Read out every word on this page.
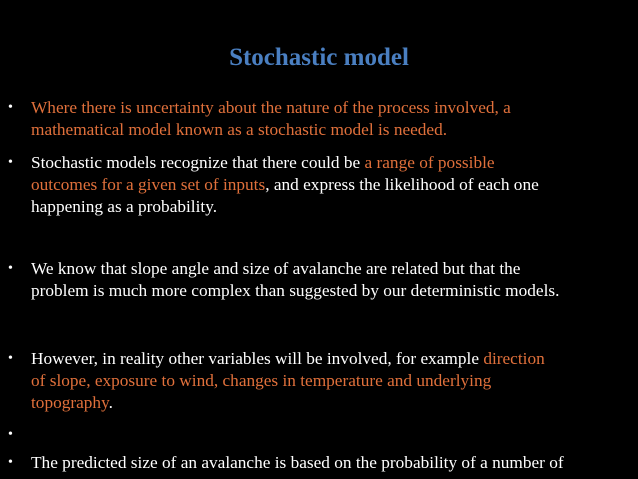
Stochastic model
• Where there is uncertainty about the nature of the process involved, a
mathematical model known as a stochastic model is needed.
• Stochastic models recognize that there could be a range of possible
outcomes for a given set of inputs, and express the likelihood of each one
happening as a probability.
• We know that slope angle and size of avalanche are related but that the
problem is much more complex than suggested by our deterministic models.
• However, in reality other variables will be involved, for example direction
of slope, exposure to wind, changes in temperature and underlying
topography.
•
• The predicted size of an avalanche is based on the probability of a number of
